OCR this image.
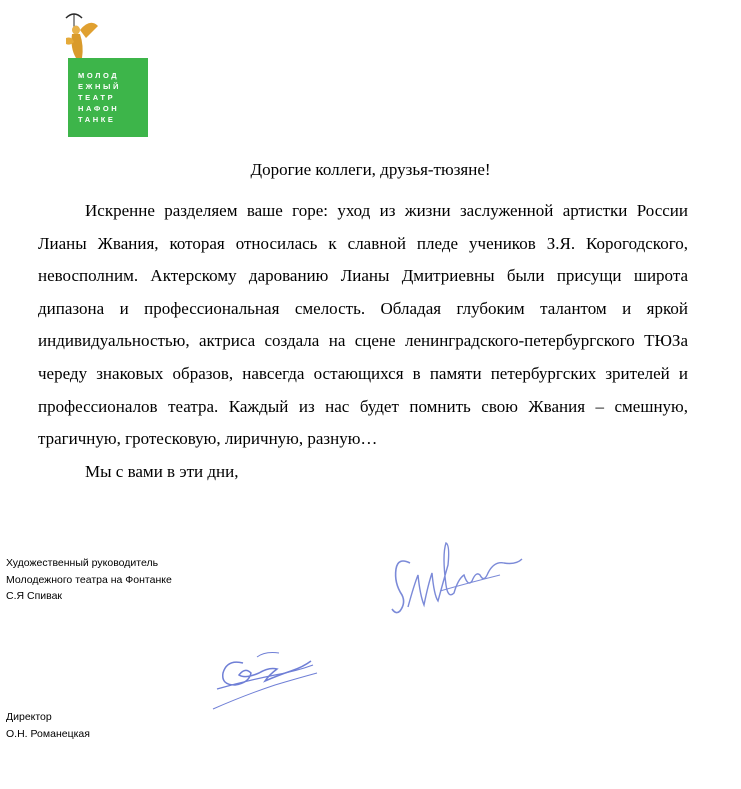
МОЛОД
ЕЖНЫЙ
ТЕАТР
НАФОН
ТАНКЕ
Дорогие коллеги, друзья-тюзяне!

Искренне разделяем ваше горе: уход из жизни заслуженной артистки России Лианы Жвания, которая относилась к славной пледе учеников З.Я. Корогодского, невосполним. Актерскому дарованию Лианы Дмитриевны были присущи широта дипазона и профессиональная смелость. Обладая глубоким талантом и яркой индивидуальностью, актриса создала на сцене ленинградского-петербургского ТЮЗа череду знаковых образов, навсегда остающихся в памяти петербургских зрителей и профессионалов театра. Каждый из нас будет помнить свою Жвания – смешную, трагичную, гротесковую, лиричную, разную…

Мы с вами в эти дни,

Художественный руководитель
Молодежного театра на Фонтанке
С.Я Спивак
Директор
О.Н. Романецкая
